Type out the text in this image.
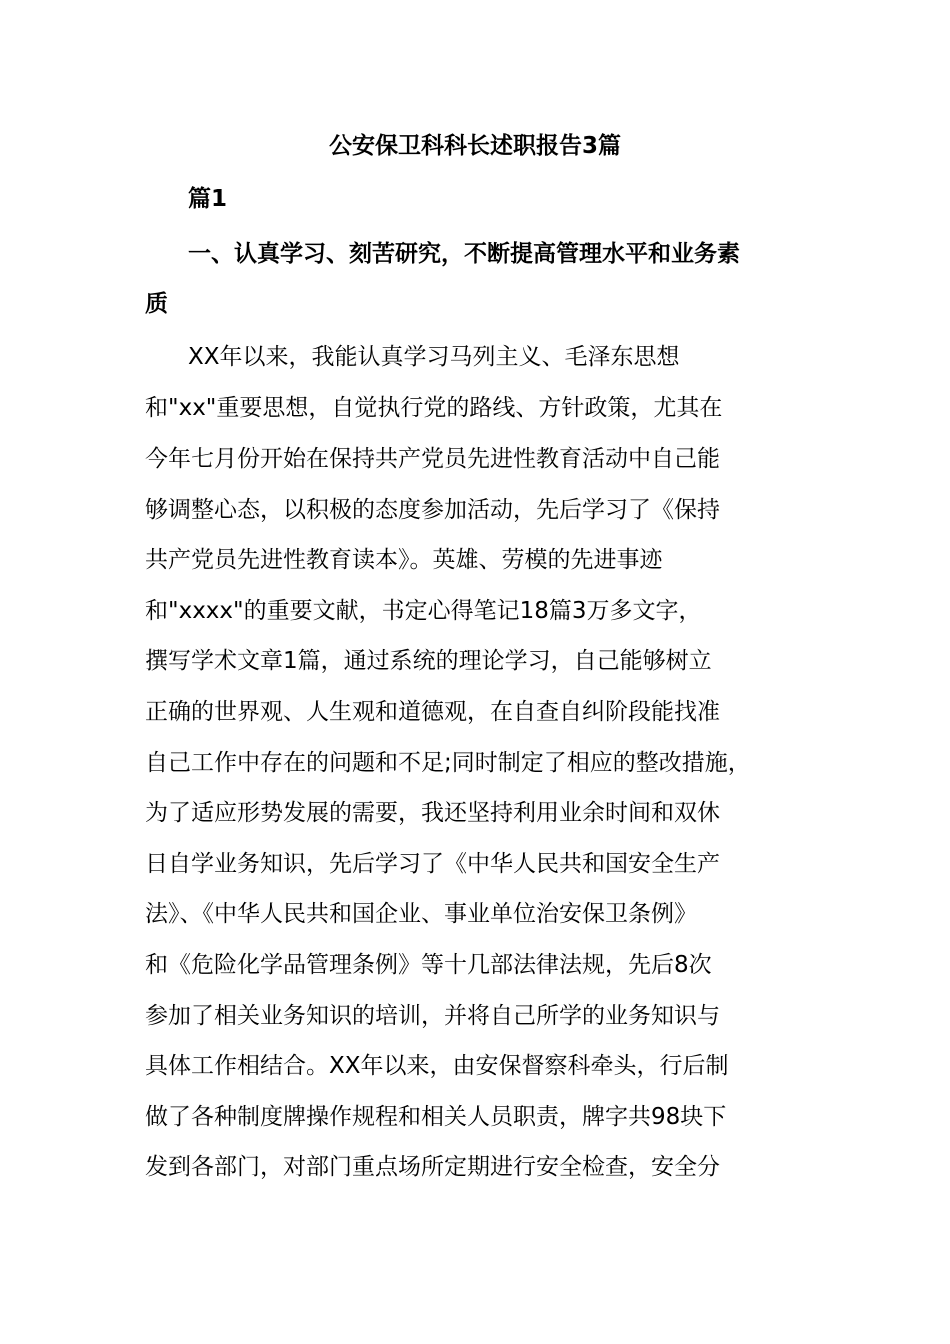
公安保卫科科长述职报告3篇
篇1
一、认真学习、刻苦研究，不断提高管理水平和业务素
质
XX年以来，我能认真学习马列主义、毛泽东思想
和"xx"重要思想，自觉执行党的路线、方针政策，尤其在
今年七月份开始在保持共产党员先进性教育活动中自己能
够调整心态，以积极的态度参加活动，先后学习了《保持
共产党员先进性教育读本》。英雄、劳模的先进事迹
和"xxxx"的重要文献，书定心得笔记18篇3万多文字，
撰写学术文章1篇，通过系统的理论学习，自己能够树立
正确的世界观、人生观和道德观，在自查自纠阶段能找准
自己工作中存在的问题和不足;同时制定了相应的整改措施，
为了适应形势发展的需要，我还坚持利用业余时间和双休
日自学业务知识，先后学习了《中华人民共和国安全生产
法》、《中华人民共和国企业、事业单位治安保卫条例》
和《危险化学品管理条例》等十几部法律法规，先后8次
参加了相关业务知识的培训，并将自己所学的业务知识与
具体工作相结合。XX年以来，由安保督察科牵头，行后制
做了各种制度牌操作规程和相关人员职责，牌字共98块下
发到各部门，对部门重点场所定期进行安全检查，安全分
